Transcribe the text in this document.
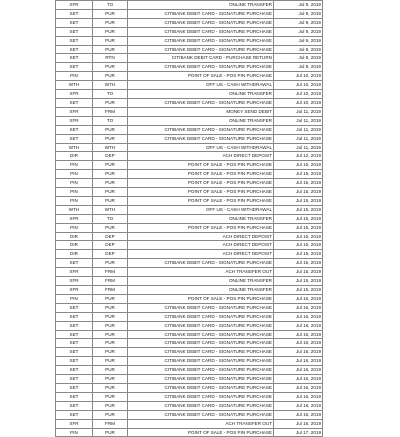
XFR	TO	ONLINE TRANSFER	Jul 9, 2019
SET	PUR	CITIBANK DEBIT CARD - SIGNATURE PURCHASE	Jul 9, 2019
SET	PUR	CITIBANK DEBIT CARD - SIGNATURE PURCHASE	Jul 9, 2019
SET	PUR	CITIBANK DEBIT CARD - SIGNATURE PURCHASE	Jul 9, 2019
SET	PUR	CITIBANK DEBIT CARD - SIGNATURE PURCHASE	Jul 9, 2019
SET	PUR	CITIBANK DEBIT CARD - SIGNATURE PURCHASE	Jul 9, 2019
SET	RTN	CITIBANK DEBIT CARD - PURCHASE RETURN	Jul 9, 2019
SET	PUR	CITIBANK DEBIT CARD - SIGNATURE PURCHASE	Jul 9, 2019
PIN	PUR	POINT OF SALE - POS PIN PURCHASE	Jul 10, 2019
WTH	WTH	OFF US - CASH WITHDRAWAL	Jul 10, 2019
XFR	TO	ONLINE TRANSFER	Jul 10, 2019
SET	PUR	CITIBANK DEBIT CARD - SIGNATURE PURCHASE	Jul 10, 2019
XFR	FRM	MONEY SEND DEBIT	Jul 11, 2019
XFR	TO	ONLINE TRANSFER	Jul 11, 2019
SET	PUR	CITIBANK DEBIT CARD - SIGNATURE PURCHASE	Jul 11, 2019
SET	PUR	CITIBANK DEBIT CARD - SIGNATURE PURCHASE	Jul 11, 2019
WTH	WTH	OFF US - CASH WITHDRAWAL	Jul 11, 2019
DIR	DEP	ACH DIRECT DEPOSIT	Jul 12, 2019
PIN	PUR	POINT OF SALE - POS PIN PURCHASE	Jul 15, 2019
PIN	PUR	POINT OF SALE - POS PIN PURCHASE	Jul 15, 2019
PIN	PUR	POINT OF SALE - POS PIN PURCHASE	Jul 15, 2019
PIN	PUR	POINT OF SALE - POS PIN PURCHASE	Jul 15, 2019
PIN	PUR	POINT OF SALE - POS PIN PURCHASE	Jul 15, 2019
WTH	WTH	OFF US - CASH WITHDRAWAL	Jul 15, 2019
XFR	TO	ONLINE TRANSFER	Jul 15, 2019
PIN	PUR	POINT OF SALE - POS PIN PURCHASE	Jul 15, 2019
DIR	DEP	ACH DIRECT DEPOSIT	Jul 15, 2019
DIR	DEP	ACH DIRECT DEPOSIT	Jul 15, 2019
DIR	DEP	ACH DIRECT DEPOSIT	Jul 15, 2019
SET	PUR	CITIBANK DEBIT CARD - SIGNATURE PURCHASE	Jul 15, 2019
XFR	FRM	ACH TRANSFER OUT	Jul 15, 2019
XFR	FRM	ONLINE TRANSFER	Jul 15, 2019
XFR	FRM	ONLINE TRANSFER	Jul 15, 2019
PIN	PUR	POINT OF SALE - POS PIN PURCHASE	Jul 16, 2019
SET	PUR	CITIBANK DEBIT CARD - SIGNATURE PURCHASE	Jul 16, 2019
SET	PUR	CITIBANK DEBIT CARD - SIGNATURE PURCHASE	Jul 16, 2019
SET	PUR	CITIBANK DEBIT CARD - SIGNATURE PURCHASE	Jul 16, 2019
SET	PUR	CITIBANK DEBIT CARD - SIGNATURE PURCHASE	Jul 16, 2019
SET	PUR	CITIBANK DEBIT CARD - SIGNATURE PURCHASE	Jul 16, 2019
SET	PUR	CITIBANK DEBIT CARD - SIGNATURE PURCHASE	Jul 16, 2019
SET	PUR	CITIBANK DEBIT CARD - SIGNATURE PURCHASE	Jul 16, 2019
SET	PUR	CITIBANK DEBIT CARD - SIGNATURE PURCHASE	Jul 16, 2019
SET	PUR	CITIBANK DEBIT CARD - SIGNATURE PURCHASE	Jul 16, 2019
SET	PUR	CITIBANK DEBIT CARD - SIGNATURE PURCHASE	Jul 16, 2019
SET	PUR	CITIBANK DEBIT CARD - SIGNATURE PURCHASE	Jul 16, 2019
SET	PUR	CITIBANK DEBIT CARD - SIGNATURE PURCHASE	Jul 16, 2019
SET	PUR	CITIBANK DEBIT CARD - SIGNATURE PURCHASE	Jul 16, 2019
XFR	FRM	ACH TRANSFER OUT	Jul 16, 2019
PIN	PUR	POINT OF SALE - POS PIN PURCHASE	Jul 17, 2019
